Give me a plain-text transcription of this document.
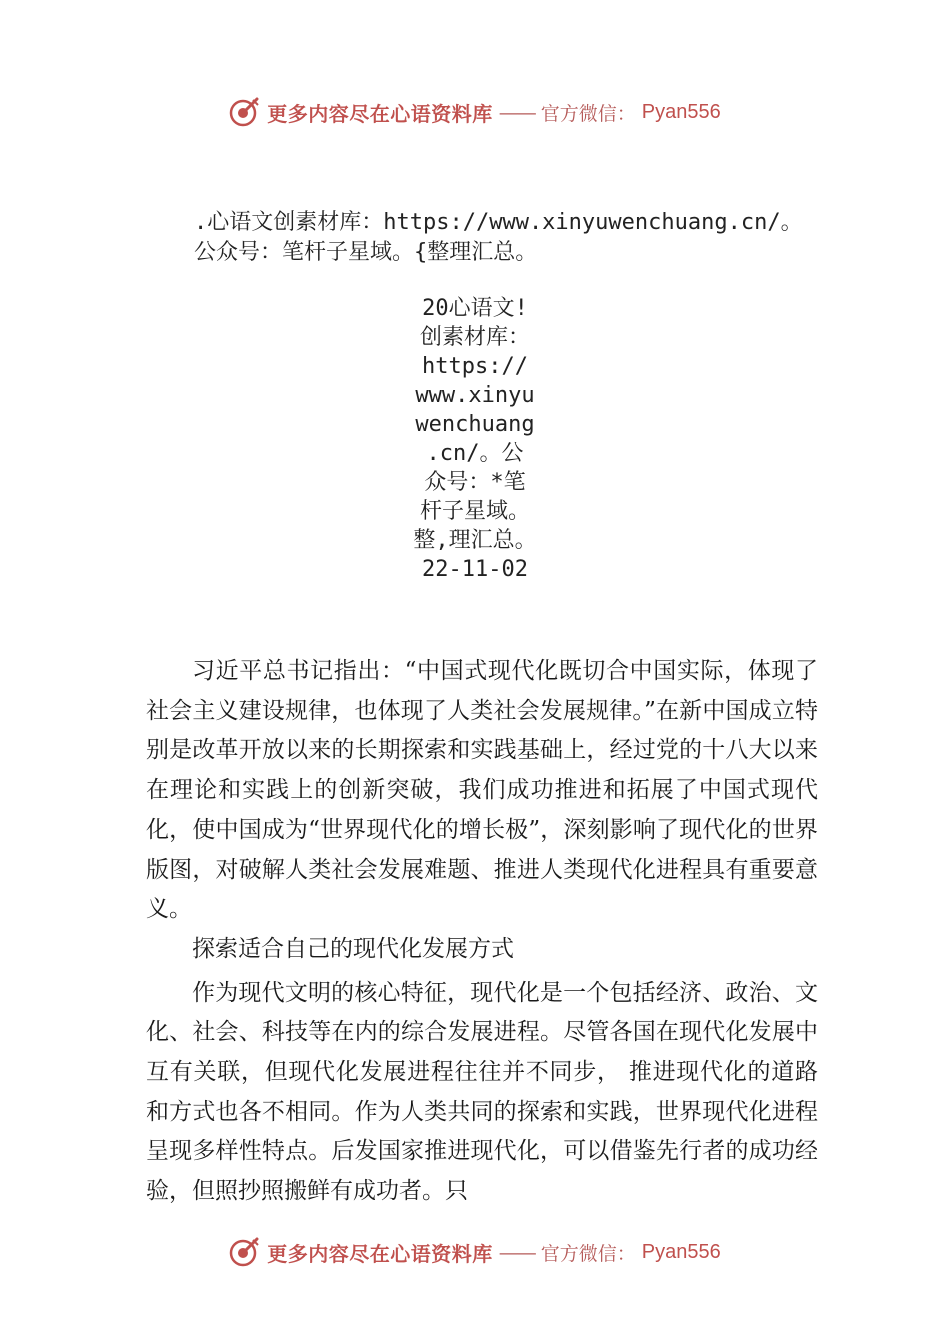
更多内容尽在心语资料库 —— 官方微信： Pyan556
.心语文创素材库：https://www.xinyuwenchuang.cn/。
公众号：笔杆子星域。{整理汇总。
20心语文!
创素材库：
https://
www.xinyu
wenchuang
.cn/。公
众号：*笔
杆子星域。
整,理汇总。
22-11-02

习近平总书记指出：“中国式现代化既切合中国实际，体现了社会主义建设规律，也体现了人类社会发展规律。”在新中国成立特别是改革开放以来的长期探索和实践基础上，经过党的十八大以来在理论和实践上的创新突破，我们成功推进和拓展了中国式现代化，使中国成为“世界现代化的增长极”，深刻影响了现代化的世界版图，对破解人类社会发展难题、推进人类现代化进程具有重要意义。

探索适合自己的现代化发展方式

作为现代文明的核心特征，现代化是一个包括经济、政治、文化、社会、科技等在内的综合发展进程。尽管各国在现代化发展中互有关联，但现代化发展进程往往并不同步， 推进现代化的道路和方式也各不相同。作为人类共同的探索和实践，世界现代化进程呈现多样性特点。后发国家推进现代化，可以借鉴先行者的成功经验，但照抄照搬鲜有成功者。只

更多内容尽在心语资料库 —— 官方微信： Pyan556
